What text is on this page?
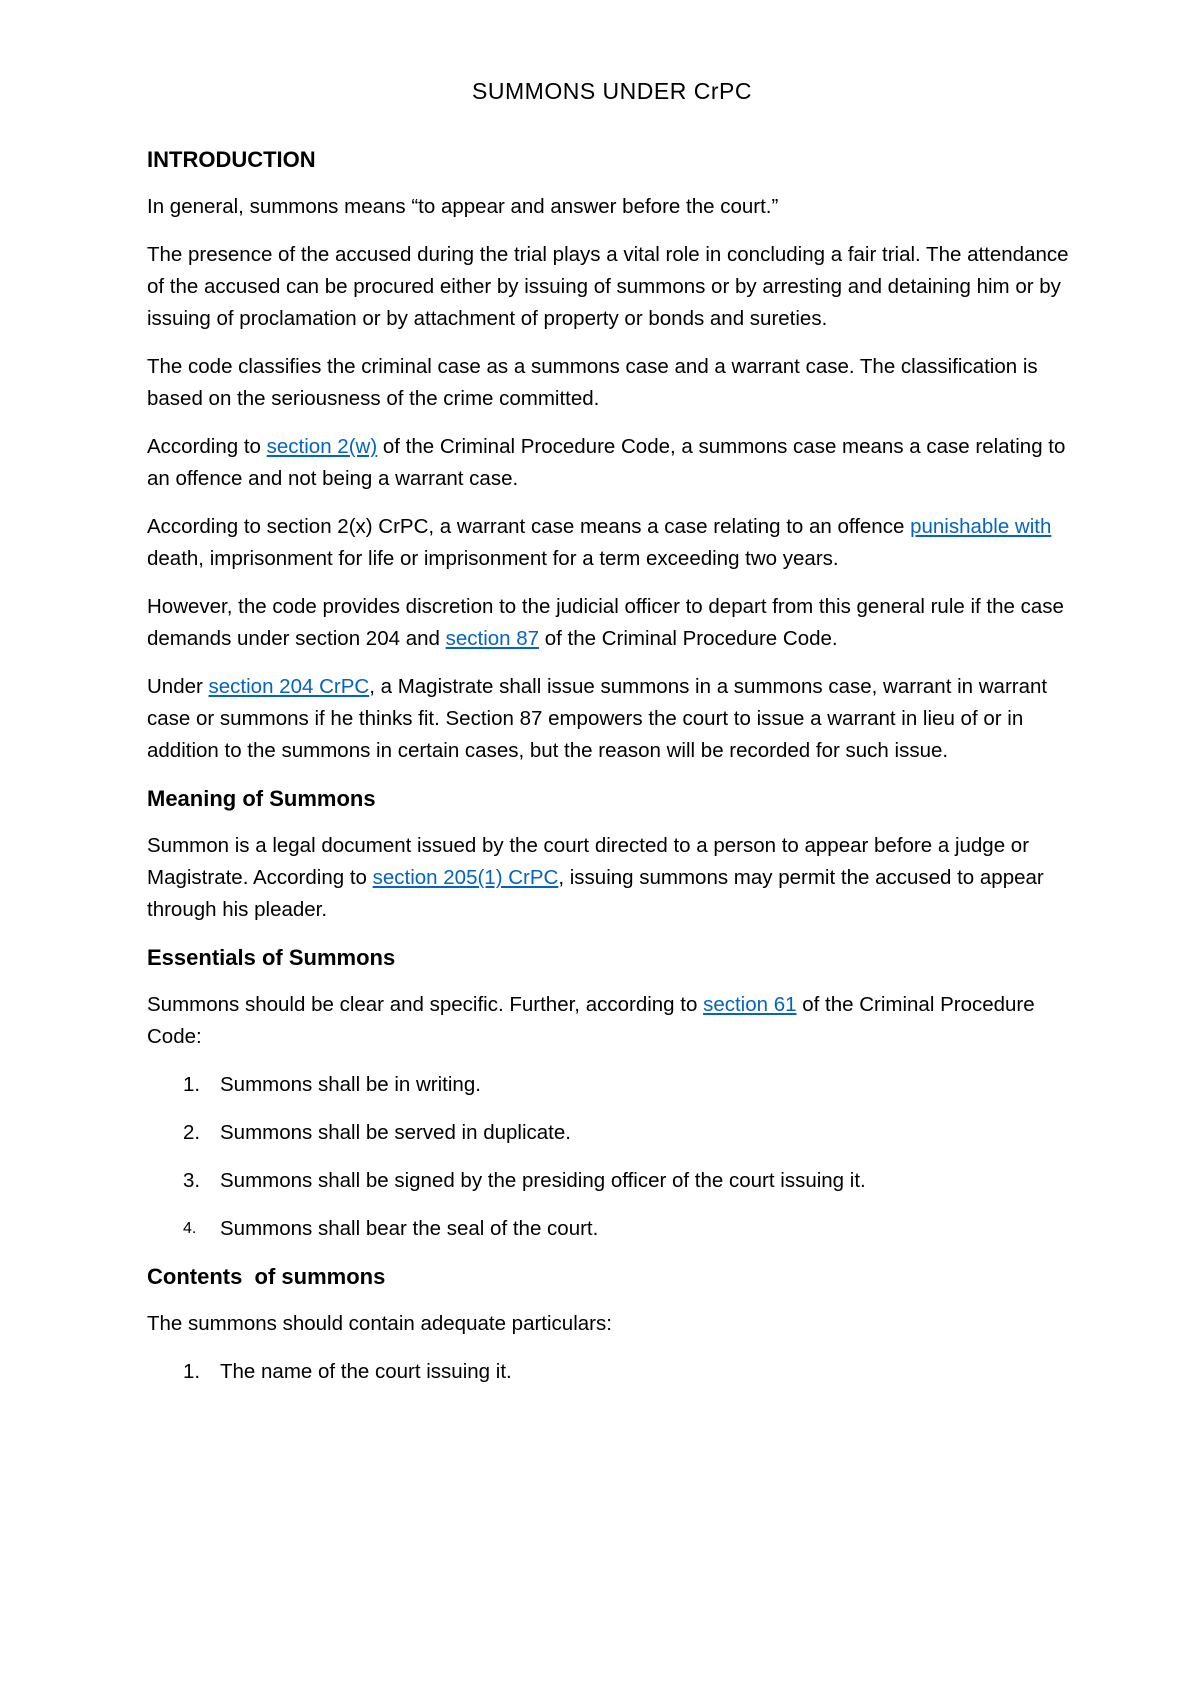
SUMMONS UNDER CrPC
INTRODUCTION

In general, summons means “to appear and answer before the court.”

The presence of the accused during the trial plays a vital role in concluding a fair trial. The attendance of the accused can be procured either by issuing of summons or by arresting and detaining him or by issuing of proclamation or by attachment of property or bonds and sureties.

The code classifies the criminal case as a summons case and a warrant case. The classification is based on the seriousness of the crime committed.

According to section 2(w) of the Criminal Procedure Code, a summons case means a case relating to an offence and not being a warrant case.

According to section 2(x) CrPC, a warrant case means a case relating to an offence punishable with death, imprisonment for life or imprisonment for a term exceeding two years.

However, the code provides discretion to the judicial officer to depart from this general rule if the case demands under section 204 and section 87 of the Criminal Procedure Code.

Under section 204 CrPC, a Magistrate shall issue summons in a summons case, warrant in warrant case or summons if he thinks fit. Section 87 empowers the court to issue a warrant in lieu of or in addition to the summons in certain cases, but the reason will be recorded for such issue.

Meaning of Summons

Summon is a legal document issued by the court directed to a person to appear before a judge or Magistrate. According to section 205(1) CrPC, issuing summons may permit the accused to appear through his pleader.

Essentials of Summons

Summons should be clear and specific. Further, according to section 61 of the Criminal Procedure Code:

1. Summons shall be in writing.
2. Summons shall be served in duplicate.
3. Summons shall be signed by the presiding officer of the court issuing it.
4.	Summons shall bear the seal of the court.
Contents  of summons

The summons should contain adequate particulars:

1. The name of the court issuing it.
